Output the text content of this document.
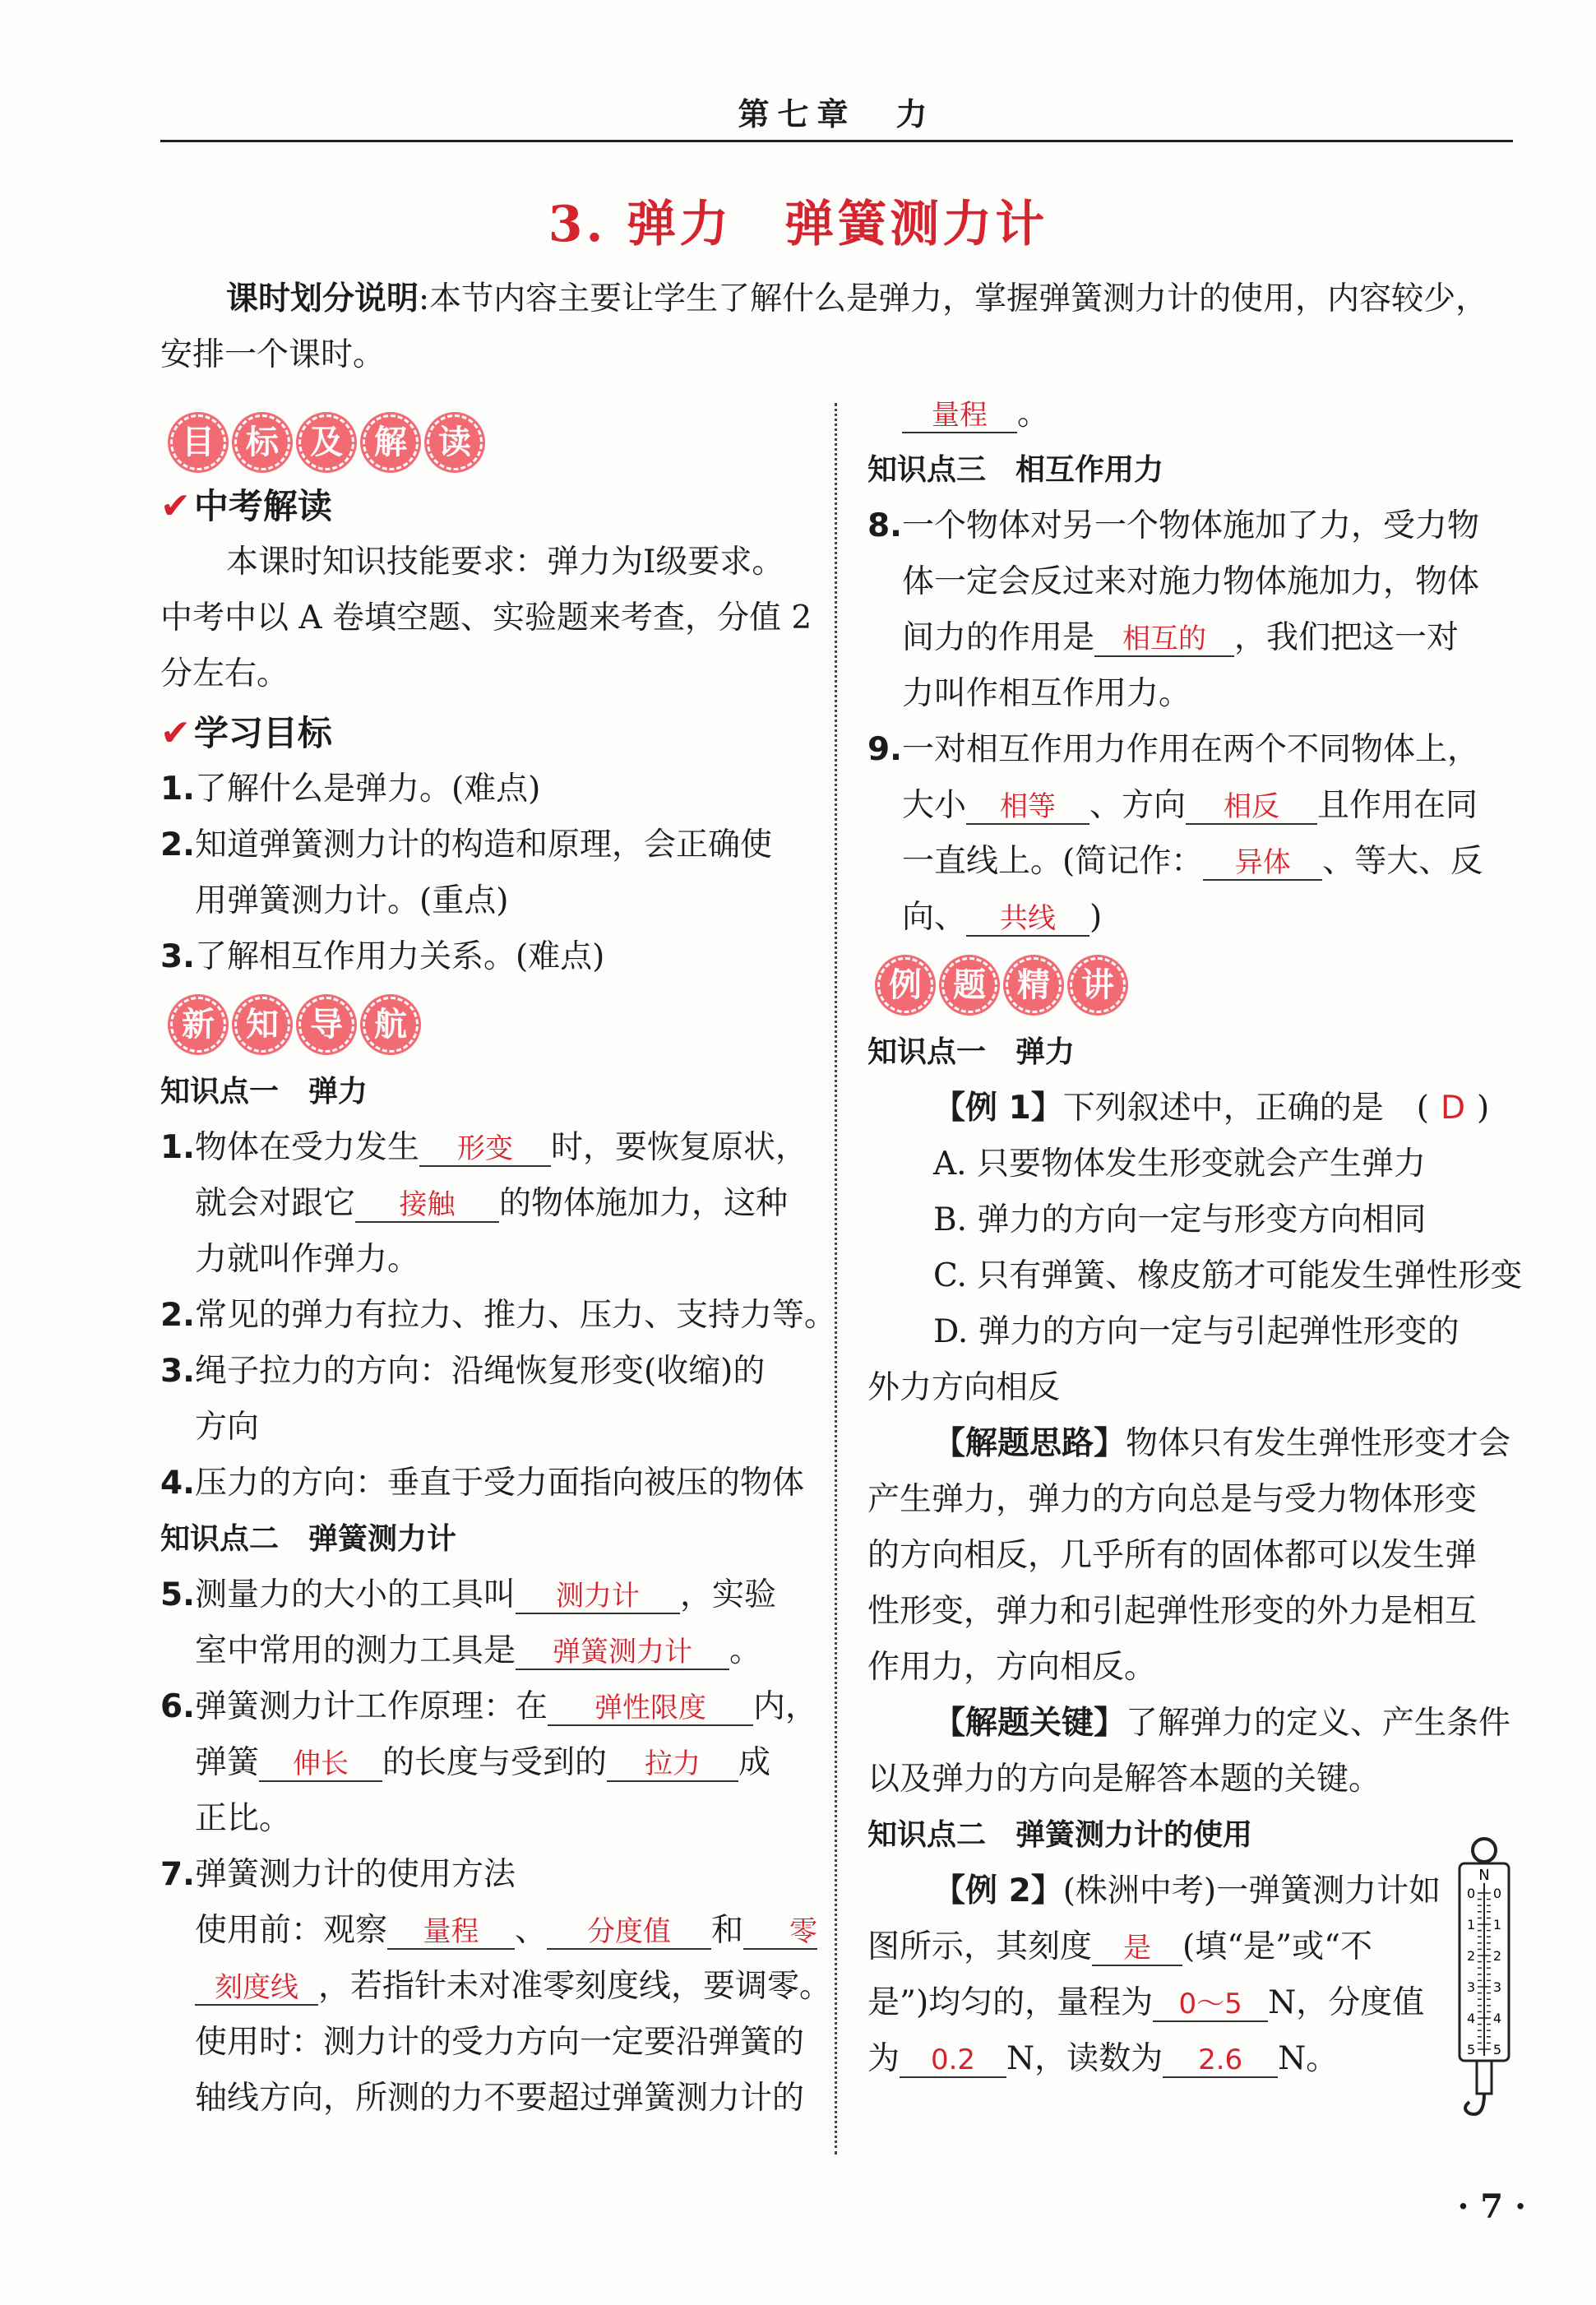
第七章　力
3. 弹力　弹簧测力计
课时划分说明:本节内容主要让学生了解什么是弹力，掌握弹簧测力计的使用，内容较少，
安排一个课时。
目 标 及 解 读
✔中考解读
本课时知识技能要求：弹力为Ⅰ级要求。
中考中以 A 卷填空题、实验题来考查，分值 2
分左右。
✔学习目标
1.了解什么是弹力。(难点)
2.知道弹簧测力计的构造和原理，会正确使
用弹簧测力计。(重点)
3.了解相互作用力关系。(难点)
新 知 导 航
知识点一　弹力
1.物体在受力发生 形变 时，要恢复原状，
就会对跟它 接触 的物体施加力，这种
力就叫作弹力。
2.常见的弹力有拉力、推力、压力、支持力等。
3.绳子拉力的方向：沿绳恢复形变(收缩)的
方向
4.压力的方向：垂直于受力面指向被压的物体
知识点二　弹簧测力计
5.测量力的大小的工具叫 测力计 ，实验
室中常用的测力工具是 弹簧测力计 。
6.弹簧测力计工作原理：在 弹性限度 内，
弹簧 伸长 的长度与受到的 拉力 成
正比。
7.弹簧测力计的使用方法
使用前：观察 量程 、 分度值 和 零
刻度线 ，若指针未对准零刻度线，要调零。
使用时：测力计的受力方向一定要沿弹簧的
轴线方向，所测的力不要超过弹簧测力计的
量程 。
知识点三　相互作用力
8.一个物体对另一个物体施加了力，受力物
体一定会反过来对施力物体施加力，物体
间力的作用是 相互的 ，我们把这一对
力叫作相互作用力。
9.一对相互作用力作用在两个不同物体上，
大小 相等 、方向 相反 且作用在同
一直线上。(简记作： 异体 、等大、反
向、 共线 )
例 题 精 讲
知识点一　弹力
【例 1】下列叙述中，正确的是 ( D )
A. 只要物体发生形变就会产生弹力
B. 弹力的方向一定与形变方向相同
C. 只有弹簧、橡皮筋才可能发生弹性形变
D. 弹力的方向一定与引起弹性形变的
外力方向相反
【解题思路】物体只有发生弹性形变才会
产生弹力，弹力的方向总是与受力物体形变
的方向相反，几乎所有的固体都可以发生弹
性形变，弹力和引起弹性形变的外力是相互
作用力，方向相反。
【解题关键】了解弹力的定义、产生条件
以及弹力的方向是解答本题的关键。
知识点二　弹簧测力计的使用
【例 2】(株洲中考)一弹簧测力计如
图所示，其刻度 是 (填“是”或“不
是”)均匀的，量程为 0～5 N，分度值
为 0.2 N，读数为 2.6 N。
N
0 0
1 1
2 2
3 3
4 4
5 5
· 7 ·
